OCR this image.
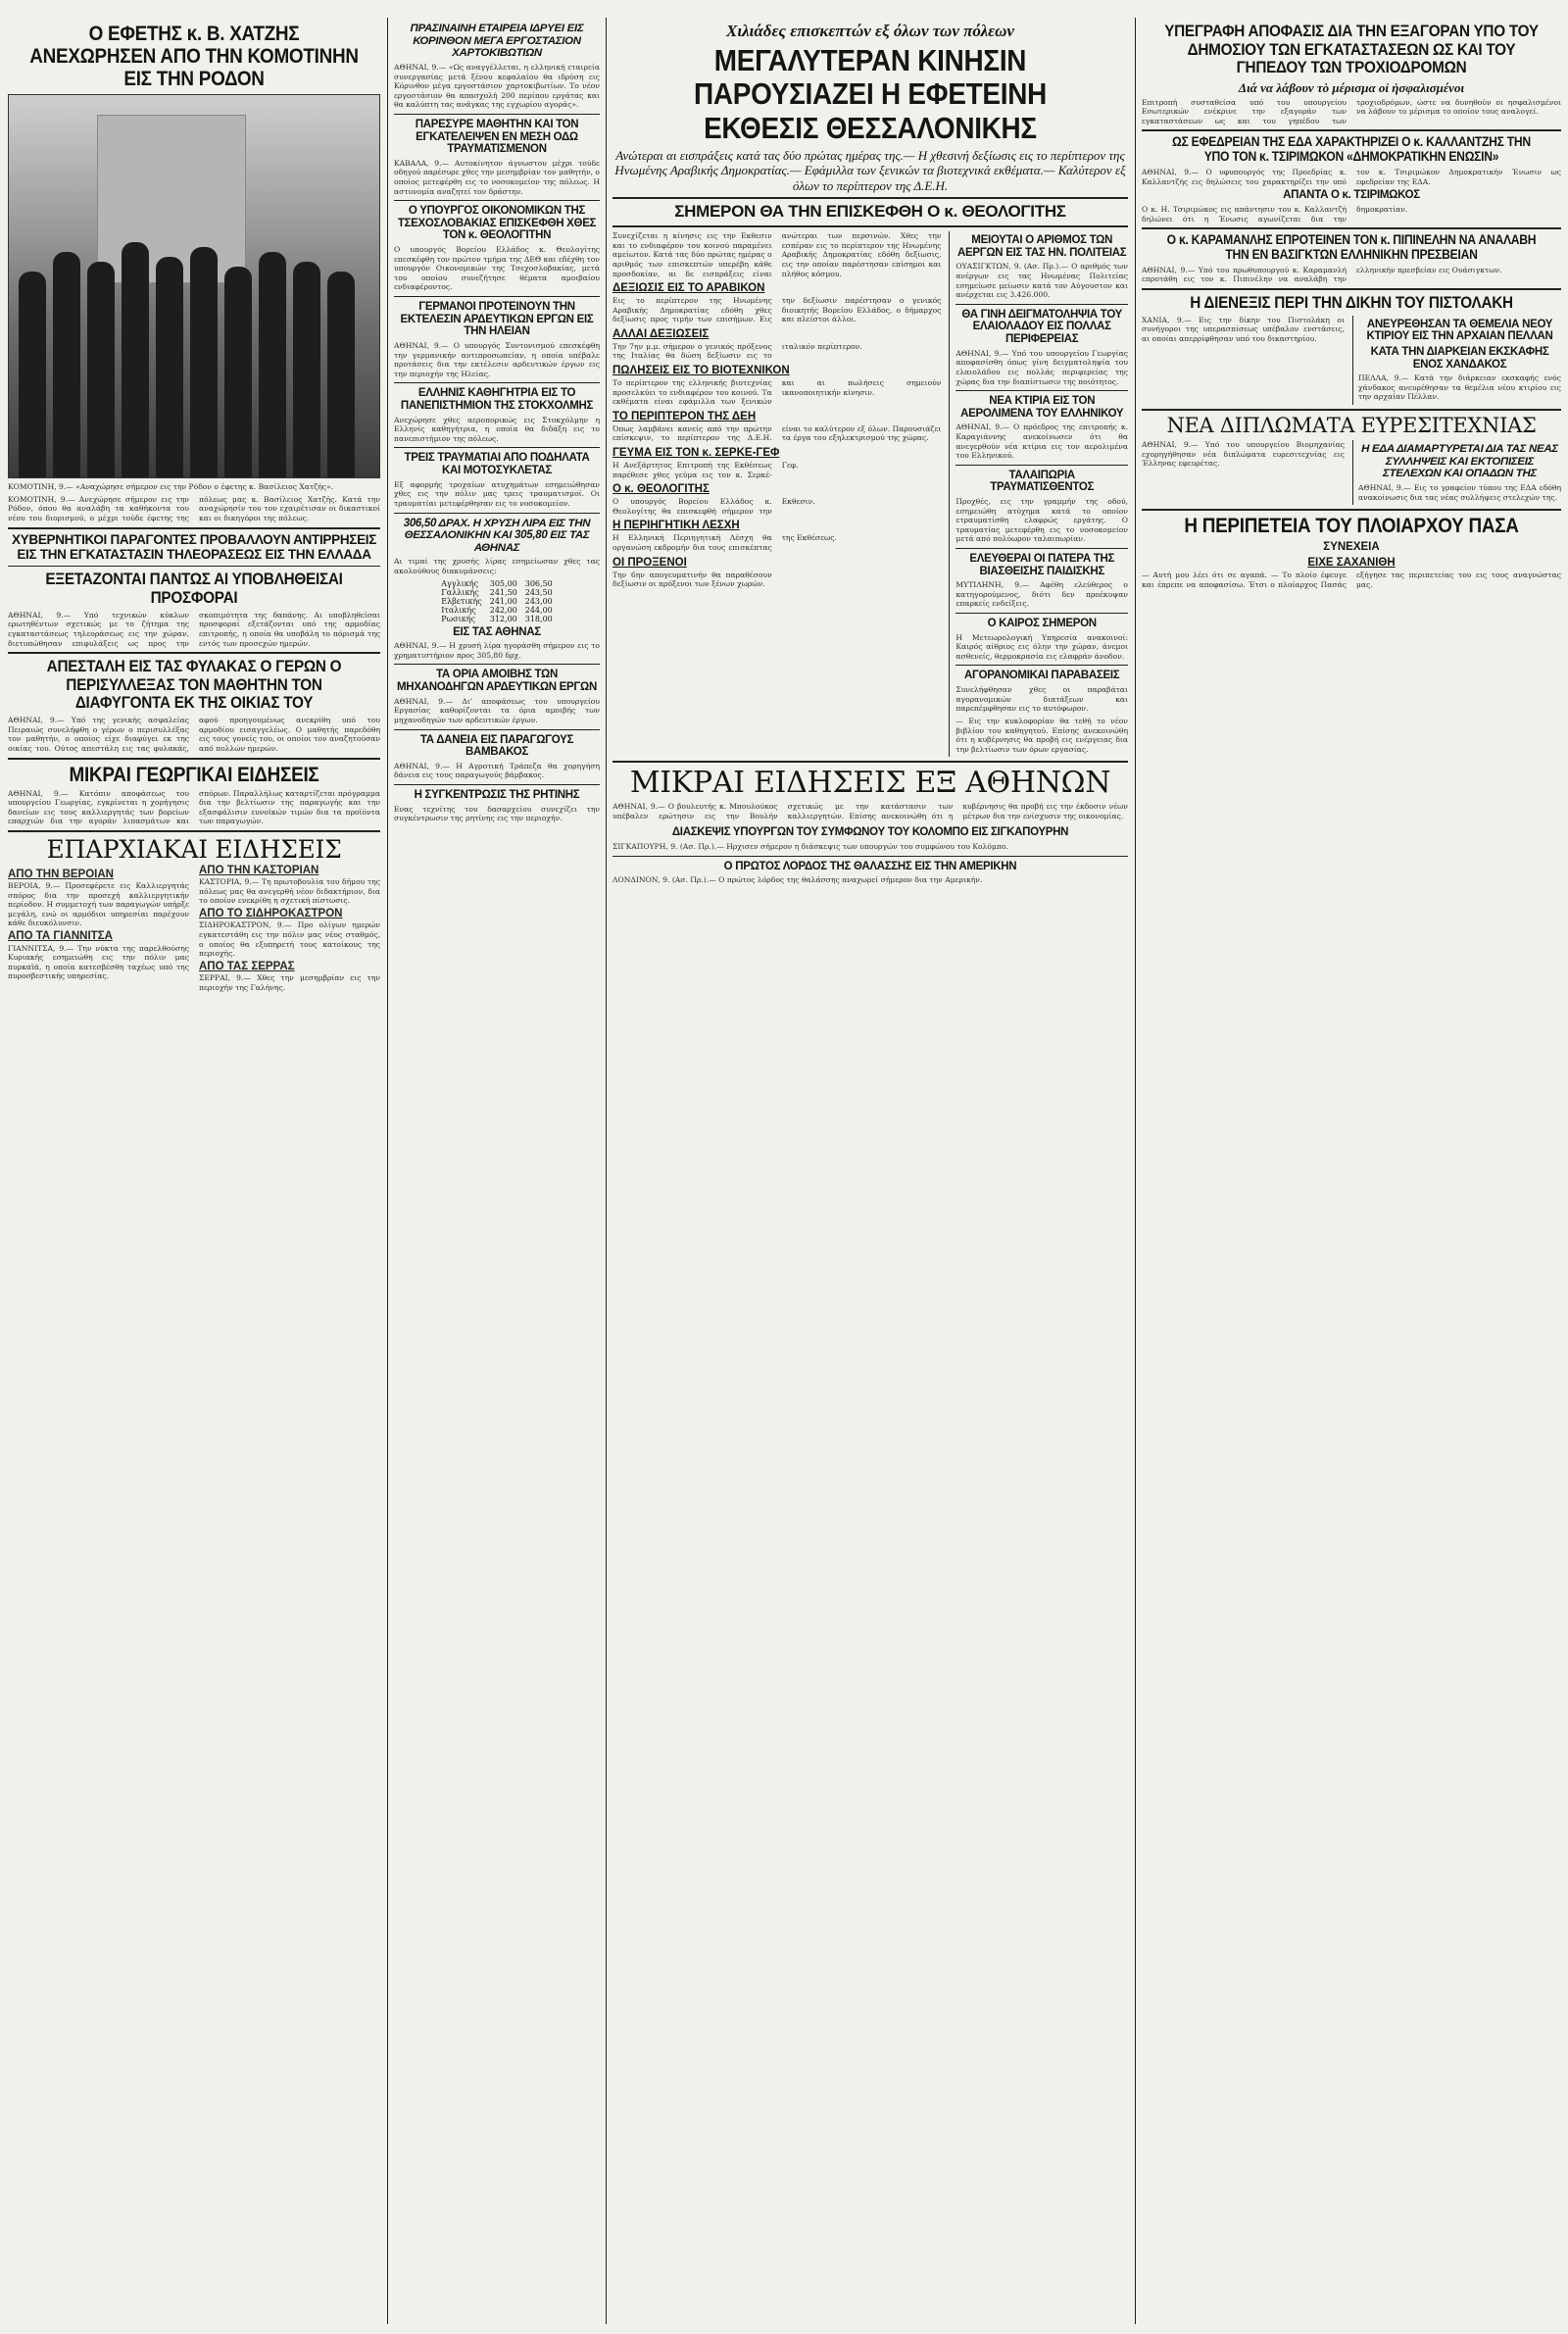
Ο ΕΦΕΤΗΣ κ. Β. ΧΑΤΖΗΣ ΑΝΕΧΩΡΗΣΕΝ ΑΠΟ ΤΗΝ ΚΟΜΟΤΙΝΗΝ ΕΙΣ ΤΗΝ ΡΟΔΟΝ
ΚΟΜΟΤΙΝΗ, 9.— «Αναχώρησε σήμερον εις την Ρόδον ο έφετης κ. Βασίλειος Χατζής».
ΚΟΜΟΤΙΝΗ, 9.— Ανεχώρησε σήμερον εις την Ρόδον, όπου θα αναλάβη τα καθήκοντα του νέου του διορισμού, ο μέχρι τούδε έφετης της πόλεως μας κ. Βασίλειος Χατζής. Κατά την αναχώρησίν του τον εχαιρέτισαν οι δικαστικοί και οι δικηγόροι της πόλεως.
ΧΥΒΕΡΝΗΤΙΚΟΙ ΠΑΡΑΓΟΝΤΕΣ ΠΡΟΒΑΛΛΟΥΝ ΑΝΤΙΡΡΗΣΕΙΣ ΕΙΣ ΤΗΝ ΕΓΚΑΤΑΣΤΑΣΙΝ ΤΗΛΕΟΡΑΣΕΩΣ ΕΙΣ ΤΗΝ ΕΛΛΑΔΑ
ΕΞΕΤΑΖΟΝΤΑΙ ΠΑΝΤΩΣ ΑΙ ΥΠΟΒΛΗΘΕΙΣΑΙ ΠΡΟΣΦΟΡΑΙ
ΑΘΗΝΑΙ, 9.— Υπό τεχνικών κύκλων ερωτηθέντων σχετικώς με το ζήτημα της εγκαταστάσεως τηλεοράσεως εις την χώραν, διετυπώθησαν επιφυλάξεις ως προς την σκοπιμότητα της δαπάνης. Αι υποβληθείσαι προσφοραί εξετάζονται υπό της αρμοδίας επιτροπής, η οποία θα υποβάλη το πόρισμά της εντός των προσεχών ημερών.
ΑΠΕΣΤΑΛΗ ΕΙΣ ΤΑΣ ΦΥΛΑΚΑΣ Ο ΓΕΡΩΝ Ο ΠΕΡΙΣΥΛΛΕΞΑΣ ΤΟΝ ΜΑΘΗΤΗΝ ΤΟΝ ΔΙΑΦΥΓΟΝΤΑ ΕΚ ΤΗΣ ΟΙΚΙΑΣ ΤΟΥ
ΑΘΗΝΑΙ, 9.— Υπό της γενικής ασφαλείας Πειραιώς συνελήφθη ο γέρων ο περισυλλέξας τον μαθητήν, ο οποίος είχε διαφύγει εκ της οικίας του. Ούτος απεστάλη εις τας φυλακάς, αφού προηγουμένως ανεκρίθη υπό του αρμοδίου εισαγγελέως. Ο μαθητής παρεδόθη εις τους γονείς του, οι οποίοι τον αναζητούσαν από πολλών ημερών.
ΜΙΚΡΑΙ ΓΕΩΡΓΙΚΑΙ ΕΙΔΗΣΕΙΣ
ΑΘΗΝΑΙ, 9.— Κατόπιν αποφάσεως του υπουργείου Γεωργίας, εγκρίνεται η χορήγησις δανείων εις τους καλλιεργητάς των βορείων επαρχιών δια την αγοράν λιπασμάτων και σπόρων. Παραλλήλως καταρτίζεται πρόγραμμα δια την βελτίωσιν της παραγωγής και την εξασφάλισιν ευνοϊκών τιμών δια τα προϊόντα των παραγωγών.
ΕΠΑΡΧΙΑΚΑΙ ΕΙΔΗΣΕΙΣ
ΑΠΟ ΤΗΝ ΒΕΡΟΙΑΝ
ΒΕΡΟΙΑ, 9.— Προσεφέρετε εις Καλλιεργητάς σπόρος δια την προσεχή καλλιεργητικήν περίοδον. Η συμμετοχή των παραγωγών υπήρξε μεγάλη, ενώ οι αρμόδιοι υπηρεσίαι παρέχουν κάθε διευκόλυνσιν.
ΑΠΟ ΤΑ ΓΙΑΝΝΙΤΣΑ
ΓΙΑΝΝΙΤΣΑ, 9.— Την νύκτα της παρελθούσης Κυριακής εσημειώθη εις την πόλιν μας πυρκαϊά, η οποία κατεσβέσθη ταχέως υπό της πυροσβεστικής υπηρεσίας.
ΑΠΟ ΤΗΝ ΚΑΣΤΟΡΙΑΝ
ΚΑΣΤΟΡΙΑ, 9.— Τη πρωτοβουλία του δήμου της πόλεως μας θα ανεγερθή νέον διδακτήριον, δια το οποίον ενεκρίθη η σχετική πίστωσις.
ΑΠΟ ΤΟ ΣΙΔΗΡΟΚΑΣΤΡΟΝ
ΣΙΔΗΡΟΚΑΣΤΡΟΝ, 9.— Προ ολίγων ημερών εγκατεστάθη εις την πόλιν μας νέος σταθμός, ο οποίος θα εξυπηρετή τους κατοίκους της περιοχής.
ΑΠΟ ΤΑΣ ΣΕΡΡΑΣ
ΣΕΡΡΑΙ, 9.— Χθες την μεσημβρίαν εις την περιοχήν της Γαλήνης.
ΠΡΑΣΙΝΑΙΝΗ ΕΤΑΙΡΕΙΑ ΙΔΡΥΕΙ ΕΙΣ ΚΟΡΙΝΘΟΝ ΜΕΓΑ ΕΡΓΟΣΤΑΣΙΟΝ ΧΑΡΤΟΚΙΒΩΤΙΩΝ
ΑΘΗΝΑΙ, 9.— «Ως αναγγέλλεται, η ελληνική εταιρεία συνεργασίας μετά ξένου κεφαλαίου θα ιδρύση εις Κόρινθον μέγα εργοστάσιον χαρτοκιβωτίων. Το νέον εργοστάσιον θα απασχολή 200 περίπου εργάτας και θα καλύπτη τας ανάγκας της εγχωρίου αγοράς».
ΠΑΡΕΣΥΡΕ ΜΑΘΗΤΗΝ ΚΑΙ ΤΟΝ ΕΓΚΑΤΕΛΕΙΨΕΝ ΕΝ ΜΕΣΗ ΟΔΩ ΤΡΑΥΜΑΤΙΣΜΕΝΟΝ
ΚΑΒΑΛΑ, 9.— Αυτοκίνητον άγνωστου μέχρι τούδε οδηγού παρέσυρε χθες την μεσημβρίαν τον μαθητήν, ο οποίος μετεφέρθη εις το νοσοκομείον της πόλεως. Η αστυνομία αναζητεί τον δράστην.
Ο ΥΠΟΥΡΓΟΣ ΟΙΚΟΝΟΜΙΚΩΝ ΤΗΣ ΤΣΕΧΟΣΛΟΒΑΚΙΑΣ ΕΠΙΣΚΕΦΘΗ ΧΘΕΣ ΤΟΝ κ. ΘΕΟΛΟΓΙΤΗΝ
Ο υπουργός Βορείου Ελλάδος κ. Θεολογίτης επεσκέφθη τον πρώτον τμήμα της ΔΕΘ και εδέχθη τον υπουργόν Οικονομικών της Τσεχοσλοβακίας, μετά του οποίου συνεζήτησε θέματα αμοιβαίου ενδιαφέροντος.
ΓΕΡΜΑΝΟΙ ΠΡΟΤΕΙΝΟΥΝ ΤΗΝ ΕΚΤΕΛΕΣΙΝ ΑΡΔΕΥΤΙΚΩΝ ΕΡΓΩΝ ΕΙΣ ΤΗΝ ΗΛΕΙΑΝ
ΑΘΗΝΑΙ, 9.— Ο υπουργός Συντονισμού επεσκέφθη την γερμανικήν αντιπροσωπείαν, η οποία υπέβαλε προτάσεις δια την εκτέλεσιν αρδευτικών έργων εις την περιοχήν της Ηλείας.
ΕΛΛΗΝΙΣ ΚΑΘΗΓΗΤΡΙΑ ΕΙΣ ΤΟ ΠΑΝΕΠΙΣΤΗΜΙΟΝ ΤΗΣ ΣΤΟΚΧΟΛΜΗΣ
Ανεχώρησε χθες αεροπορικώς εις Στοκχόλμην η Ελληνίς καθηγήτρια, η οποία θα διδάξη εις το πανεπιστήμιον της πόλεως.
ΤΡΕΙΣ ΤΡΑΥΜΑΤΙΑΙ ΑΠΟ ΠΟΔΗΛΑΤΑ ΚΑΙ ΜΟΤΟΣΥΚΛΕΤΑΣ
Εξ αφορμής τροχαίων ατυχημάτων εσημειώθησαν χθες εις την πόλιν μας τρεις τραυματισμοί. Οι τραυματίαι μετεφέρθησαν εις το νοσοκομείον.
306,50 ΔΡΑΧ. Η ΧΡΥΣΗ ΛΙΡΑ ΕΙΣ ΤΗΝ ΘΕΣΣΑΛΟΝΙΚΗΝ ΚΑΙ 305,80 ΕΙΣ ΤΑΣ ΑΘΗΝΑΣ
Αι τιμαί της χρυσής λίρας εσημείωσαν χθες τας ακολούθους διακυμάνσεις:
Αγγλικής	305,00	306,50
Γαλλικής	241,50	243,50
Ελβετικής	241,00	243,00
Ιταλικής	242,00	244,00
Ρωσικής	312,00	318,00
ΕΙΣ ΤΑΣ ΑΘΗΝΑΣ
ΑΘΗΝΑΙ, 9.— Η χρυσή λίρα ηγοράσθη σήμερον εις το χρηματιστήριον προς 305,80 δρχ.
ΤΑ ΟΡΙΑ ΑΜΟΙΒΗΣ ΤΩΝ ΜΗΧΑΝΟΔΗΓΩΝ ΑΡΔΕΥΤΙΚΩΝ ΕΡΓΩΝ
ΑΘΗΝΑΙ, 9.— Δι' αποφάσεως του υπουργείου Εργασίας καθορίζονται τα όρια αμοιβής των μηχανοδηγών των αρδευτικών έργων.
ΤΑ ΔΑΝΕΙΑ ΕΙΣ ΠΑΡΑΓΩΓΟΥΣ ΒΑΜΒΑΚΟΣ
ΑΘΗΝΑΙ, 9.— Η Αγροτική Τράπεζα θα χορηγήση δάνεια εις τους παραγωγούς βάμβακος.
Η ΣΥΓΚΕΝΤΡΩΣΙΣ ΤΗΣ ΡΗΤΙΝΗΣ
Ενας τεχνίτης του δασαρχείου συνεχίζει την συγκέντρωσιν της ρητίνης εις την περιοχήν.
Χιλιάδες επισκεπτών εξ όλων των πόλεων
ΜΕΓΑΛΥΤΕΡΑΝ ΚΙΝΗΣΙΝ ΠΑΡΟΥΣΙΑΖΕΙ Η ΕΦΕΤΕΙΝΗ ΕΚΘΕΣΙΣ ΘΕΣΣΑΛΟΝΙΚΗΣ
Ανώτεραι αι εισπράξεις κατά τας δύο πρώτας ημέρας της.— Η χθεσινή δεξίωσις εις το περίπτερον της Ηνωμένης Αραβικής Δημοκρατίας.— Εφάμιλλα των ξενικών τα βιοτεχνικά εκθέματα.— Καλύτερον εξ όλων το περίπτερον της Δ.Ε.Η.
ΣΗΜΕΡΟΝ ΘΑ ΤΗΝ ΕΠΙΣΚΕΦΘΗ Ο κ. ΘΕΟΛΟΓΙΤΗΣ
Συνεχίζεται η κίνησις εις την Εκθεσιν και το ενδιαφέρον του κοινού παραμένει αμείωτον. Κατά τας δύο πρώτας ημέρας ο αριθμός των επισκεπτών υπερέβη κάθε προσδοκίαν, αι δε εισπράξεις είναι ανώτεραι των περσινών. Χθες την εσπέραν εις το περίπτερον της Ηνωμένης Αραβικής Δημοκρατίας εδόθη δεξίωσις, εις την οποίαν παρέστησαν επίσημοι και πλήθος κόσμου.
ΔΕΞΙΩΣΙΣ ΕΙΣ ΤΟ ΑΡΑΒΙΚΟΝ
Εις το περίπτερον της Ηνωμένης Αραβικής Δημοκρατίας εδόθη χθες δεξίωσις προς τιμήν των επισήμων. Εις την δεξίωσιν παρέστησαν ο γενικός διοικητής Βορείου Ελλάδος, ο δήμαρχος και πλείστοι άλλοι.
ΑΛΛΑΙ ΔΕΞΙΩΣΕΙΣ
Την 7ην μ.μ. σήμερον ο γενικός πρόξενος της Ιταλίας θα δώση δεξίωσιν εις το ιταλικόν περίπτερον.
ΠΩΛΗΣΕΙΣ ΕΙΣ ΤΟ ΒΙΟΤΕΧΝΙΚΟΝ
Το περίπτερον της ελληνικής βιοτεχνίας προσελκύει το ενδιαφέρον του κοινού. Τα εκθέματα είναι εφάμιλλα των ξενικών και αι πωλήσεις σημειούν ικανοποιητικήν κίνησιν.
ΤΟ ΠΕΡΙΠΤΕΡΟΝ ΤΗΣ ΔΕΗ
Όπως λαμβάνει κανείς από την πρώτην επίσκεψιν, το περίπτερον της Δ.Ε.Η. είναι το καλύτερον εξ όλων. Παρουσιάζει τα έργα του εξηλεκτρισμού της χώρας.
ΓΕΥΜΑ ΕΙΣ ΤΟΝ κ. ΣΕΡΚΕ-ΓΕΦ
Η Ανεξάρτητος Επιτροπή της Εκθέσεως παρέθεσε χθες γεύμα εις τον κ. Σερκέ-Γεφ.
Ο κ. ΘΕΟΛΟΓΙΤΗΣ
Ο υπουργός Βορείου Ελλάδος κ. Θεολογίτης θα επισκεφθή σήμερον την Εκθεσιν.
Η ΠΕΡΙΗΓΗΤΙΚΗ ΛΕΣΧΗ
Η Ελληνική Περιηγητική Λέσχη θα οργανώση εκδρομήν δια τους επισκέπτας της Εκθέσεως.
ΟΙ ΠΡΟΞΕΝΟΙ
Την 6ην απογευματινήν θα παραθέσουν δεξίωσιν οι πρόξενοι των ξένων χωρών.
ΜΕΙΟΥΤΑΙ Ο ΑΡΙΘΜΟΣ ΤΩΝ ΑΕΡΓΩΝ ΕΙΣ ΤΑΣ ΗΝ. ΠΟΛΙΤΕΙΑΣ
ΟΥΑΣΙΓΚΤΩΝ, 9. (Ασ. Πρ.).— Ο αριθμός των ανέργων εις τας Ηνωμένας Πολιτείας εσημείωσε μείωσιν κατά τον Αύγουστον και ανέρχεται εις 3.426.000.
ΘΑ ΓΙΝΗ ΔΕΙΓΜΑΤΟΛΗΨΙΑ ΤΟΥ ΕΛΑΙΟΛΑΔΟΥ ΕΙΣ ΠΟΛΛΑΣ ΠΕΡΙΦΕΡΕΙΑΣ
ΑΘΗΝΑΙ, 9.— Υπό του υπουργείου Γεωργίας αποφασίσθη όπως γίνη δειγματοληψία του ελαιολάδου εις πολλάς περιφερείας της χώρας δια την διαπίστωσιν της ποιότητος.
ΝΕΑ ΚΤΙΡΙΑ ΕΙΣ ΤΟΝ ΑΕΡΟΛΙΜΕΝΑ ΤΟΥ ΕΛΛΗΝΙΚΟΥ
ΑΘΗΝΑΙ, 9.— Ο πρόεδρος της επιτροπής κ. Καραγιάννης ανεκοίνωσεν ότι θα ανεγερθούν νέα κτίρια εις τον αερολιμένα του Ελληνικού.
ΤΑΛΑΙΠΩΡΙΑ ΤΡΑΥΜΑΤΙΣΘΕΝΤΟΣ
Προχθές, εις την γραμμήν της οδού, εσημειώθη ατύχημα κατά το οποίον ετραυματίσθη ελαφρώς εργάτης. Ο τραυματίας μετεφέρθη εις το νοσοκομείον μετά από πολύωρον ταλαιπωρίαν.
ΕΛΕΥΘΕΡΑΙ ΟΙ ΠΑΤΕΡΑ ΤΗΣ ΒΙΑΣΘΕΙΣΗΣ ΠΑΙΔΙΣΚΗΣ
ΜΥΤΙΛΗΝΗ, 9.— Αφέθη ελεύθερος ο κατηγορούμενος, διότι δεν προέκυψαν επαρκείς ενδείξεις.
Ο ΚΑΙΡΟΣ ΣΗΜΕΡΟΝ
Η Μετεωρολογική Υπηρεσία ανακοινοί: Καιρός αίθριος εις όλην την χώραν, άνεμοι ασθενείς, θερμοκρασία εις ελαφράν άνοδον.
ΑΓΟΡΑΝΟΜΙΚΑΙ ΠΑΡΑΒΑΣΕΙΣ
Συνελήφθησαν χθες οι παραβάται αγορανομικών διατάξεων και παρεπέμφθησαν εις το αυτόφωρον.
— Εις την κυκλοφορίαν θα τεθή το νέον βιβλίον του καθηγητού. Επίσης ανεκοινώθη ότι η κυβέρνησις θα προβή εις ενέργειας δια την βελτίωσιν των όρων εργασίας.
ΜΙΚΡΑΙ ΕΙΔΗΣΕΙΣ ΕΞ ΑΘΗΝΩΝ
ΑΘΗΝΑΙ, 9.— Ο βουλευτής κ. Μπουλούκος υπέβαλεν ερώτησιν εις την Βουλήν σχετικώς με την κατάστασιν των καλλιεργητών. Επίσης ανεκοινώθη ότι η κυβέρνησις θα προβή εις την έκδοσιν νέων μέτρων δια την ενίσχυσιν της οικονομίας.
ΔΙΑΣΚΕΨΙΣ ΥΠΟΥΡΓΩΝ ΤΟΥ ΣΥΜΦΩΝΟΥ ΤΟΥ ΚΟΛΟΜΠΟ ΕΙΣ ΣΙΓΚΑΠΟΥΡΗΝ
ΣΙΓΚΑΠΟΥΡΗ, 9. (Ασ. Πρ.).— Ηρχισεν σήμερον η διάσκεψις των υπουργών του συμφώνου του Κολόμπο.
Ο ΠΡΩΤΟΣ ΛΟΡΔΟΣ ΤΗΣ ΘΑΛΑΣΣΗΣ ΕΙΣ ΤΗΝ ΑΜΕΡΙΚΗΝ
ΛΟΝΔΙΝΟΝ, 9. (Ασ. Πρ.).— Ο πρώτος λόρδος της θαλάσσης αναχωρεί σήμερον δια την Αμερικήν.
ΥΠΕΓΡΑΦΗ ΑΠΟΦΑΣΙΣ ΔΙΑ ΤΗΝ ΕΞΑΓΟΡΑΝ ΥΠΟ ΤΟΥ ΔΗΜΟΣΙΟΥ ΤΩΝ ΕΓΚΑΤΑΣΤΑΣΕΩΝ ΩΣ ΚΑΙ ΤΟΥ ΓΗΠΕΔΟΥ ΤΩΝ ΤΡΟΧΙΟΔΡΟΜΩΝ
Διά να λάβουν τὸ μέρισμα οἱ ἠσφαλισμένοι
Επιτροπή συσταθείσα υπό του υπουργείου Εσωτερικών ενέκρινε την εξαγοράν των εγκαταστάσεων ως και του γηπέδου των τροχιοδρόμων, ώστε να δυνηθούν οι ησφαλισμένοι να λάβουν το μέρισμα το οποίον τους αναλογεί.
ΩΣ ΕΦΕΔΡΕΙΑΝ ΤΗΣ ΕΔΑ ΧΑΡΑΚΤΗΡΙΖΕΙ Ο κ. ΚΑΛΛΑΝΤΖΗΣ ΤΗΝ ΥΠΟ ΤΟΝ κ. ΤΣΙΡΙΜΩΚΟΝ «ΔΗΜΟΚΡΑΤΙΚΗΝ ΕΝΩΣΙΝ»
ΑΘΗΝΑΙ, 9.— Ο υφυπουργός της Προεδρίας κ. Καλλαντζής εις δηλώσεις του χαρακτηρίζει την υπό τον κ. Τσιριμώκον Δημοκρατικήν Ένωσιν ως εφεδρείαν της ΕΔΑ.
ΑΠΑΝΤΑ Ο κ. ΤΣΙΡΙΜΩΚΟΣ
Ο κ. Η. Τσιριμώκος εις απάντησιν του κ. Καλλαντζή δηλώνει ότι η Ένωσις αγωνίζεται δια την δημοκρατίαν.
Ο κ. ΚΑΡΑΜΑΝΛΗΣ ΕΠΡΟΤΕΙΝΕΝ ΤΟΝ κ. ΠΙΠΙΝΕΛΗΝ ΝΑ ΑΝΑΛΑΒΗ ΤΗΝ ΕΝ ΒΑΣΙΓΚΤΩΝ ΕΛΛΗΝΙΚΗΝ ΠΡΕΣΒΕΙΑΝ
ΑΘΗΝΑΙ, 9.— Υπό του πρωθυπουργού κ. Καραμανλή επροτάθη εις τον κ. Πιπινέλην να αναλάβη την ελληνικήν πρεσβείαν εις Ουάσιγκτων.
Η ΔΙΕΝΕΞΙΣ ΠΕΡΙ ΤΗΝ ΔΙΚΗΝ ΤΟΥ ΠΙΣΤΟΛΑΚΗ
ΧΑΝΙΑ, 9.— Εις την δίκην του Πιστολάκη οι συνήγοροι της υπερασπίσεως υπέβαλον ενστάσεις, αι οποίαι απερρίφθησαν υπό του δικαστηρίου.
ΑΝΕΥΡΕΘΗΣΑΝ ΤΑ ΘΕΜΕΛΙΑ ΝΕΟΥ ΚΤΙΡΙΟΥ ΕΙΣ ΤΗΝ ΑΡΧΑΙΑΝ ΠΕΛΛΑΝ
ΚΑΤΑ ΤΗΝ ΔΙΑΡΚΕΙΑΝ ΕΚΣΚΑΦΗΣ ΕΝΟΣ ΧΑΝΔΑΚΟΣ
ΠΕΛΛΑ, 9.— Κατά την διάρκειαν εκσκαφής ενός χάνδακος ανευρέθησαν τα θεμέλια νέου κτιρίου εις την αρχαίαν Πέλλαν.
ΝΕΑ ΔΙΠΛΩΜΑΤΑ ΕΥΡΕΣΙΤΕΧΝΙΑΣ
ΑΘΗΝΑΙ, 9.— Υπό του υπουργείου Βιομηχανίας εχορηγήθησαν νέα διπλώματα ευρεσιτεχνίας εις Έλληνας εφευρέτας.
Η ΕΔΑ ΔΙΑΜΑΡΤΥΡΕΤΑΙ ΔΙΑ ΤΑΣ ΝΕΑΣ ΣΥΛΛΗΨΕΙΣ ΚΑΙ ΕΚΤΟΠΙΣΕΙΣ ΣΤΕΛΕΧΩΝ ΚΑΙ ΟΠΑΔΩΝ ΤΗΣ
ΑΘΗΝΑΙ, 9.— Εις το γραφείον τύπου της ΕΔΑ εδόθη ανακοίνωσις δια τας νέας συλλήψεις στελεχών της.
Η ΠΕΡΙΠΕΤΕΙΑ ΤΟΥ ΠΛΟΙΑΡΧΟΥ ΠΑΣΑ
ΣΥΝΕΧΕΙΑ
ΕΙΧΕ ΣΑΧΑΝΙΘΗ
— Αυτή μου λέει ότι σε αγαπά. — Το πλοίο έφευγε και έπρεπε να αποφασίσω. Έτσι ο πλοίαρχος Πασάς εξήγησε τας περιπετείας του εις τους αναγνώστας μας.
